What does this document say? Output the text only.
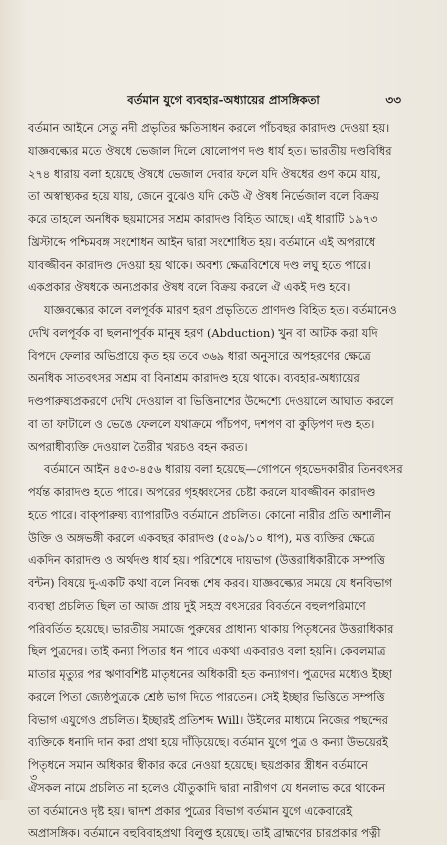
বর্তমান যুগে ব্যবহার-অধ্যায়ের প্রাসঙ্গিকতা	৩৩
বর্তমান আইনে সেতু নদী প্রভৃতির ক্ষতিসাধন করলে পাঁচবছর কারাদণ্ড দেওয়া হয়।
যাজ্ঞবল্ক্যের মতে ঔষধে ভেজাল দিলে ষোলোপণ দণ্ড ধার্য হত। ভারতীয় দণ্ডবিধির
২৭৪ ধারায় বলা হয়েছে ঔষধে ভেজাল দেবার ফলে যদি ঔষধের গুণ কমে যায়,
তা অস্বাস্থ্যকর হয়ে যায়, জেনে বুঝেও যদি কেউ ঐ ঔষধ নির্ভেজাল বলে বিক্রয়
করে তাহলে অনধিক ছয়মাসের সশ্রম কারাদণ্ড বিহিত আছে। এই ধারাটি ১৯৭৩
খ্রিস্টাব্দে পশ্চিমবঙ্গ সংশোধন আইন দ্বারা সংশোধিত হয়। বর্তমানে এই অপরাধে
যাবজ্জীবন কারাদণ্ড দেওয়া হয় থাকে। অবশ্য ক্ষেত্রবিশেষে দণ্ড লঘু হতে পারে।
একপ্রকার ঔষধকে অন্যপ্রকার ঔষধ বলে বিক্রয় করলে ঐ একই দণ্ড হবে।
যাজ্ঞবল্ক্যের কালে বলপূর্বক মারণ হরণ প্রভৃতিতে প্রাণদণ্ড বিহিত হত। বর্তমানেও
দেখি বলপূর্বক বা ছলনাপূর্বক মানুষ হরণ (Abduction) খুন বা আটক করা যদি
বিপদে ফেলার অভিপ্রায়ে কৃত হয় তবে ৩৬৯ ধারা অনুসারে অপহরণের ক্ষেত্রে
অনধিক সাতবৎসর সশ্রম বা বিনাশ্রম কারাদণ্ড হয়ে থাকে। ব্যবহার-অধ্যায়ের
দণ্ডপারুষ্যপ্রকরণে দেখি দেওয়াল বা ভিত্তিনাশের উদ্দেশ্যে দেওয়ালে আঘাত করলে
বা তা ফাটালে ও ভেঙে ফেললে যথাক্রমে পাঁচপণ, দশপণ বা কুড়িপণ দণ্ড হত।
অপরাধীব্যক্তি দেওয়াল তৈরীর খরচও বহন করত।
বর্তমানে আইন ৪৫৩-৪৫৬ ধারায় বলা হয়েছে—গোপনে গৃহভেদকারীর তিনবৎসর
পর্যন্ত কারাদণ্ড হতে পারে। অপরের গৃহধ্বংসের চেষ্টা করলে যাবজ্জীবন কারাদণ্ড
হতে পারে। বাক্‌পারুষ্য ব্যাপারটিও বর্তমানে প্রচলিত। কোনো নারীর প্রতি অশালীন
উক্তি ও অঙ্গভঙ্গী করলে একবছর কারাদণ্ড (৫০৯/১০ ধাপ), মত্ত ব্যক্তির ক্ষেত্রে
একদিন কারাদণ্ড ও অর্থদণ্ড ধার্য হয়। পরিশেষে দায়ভাগ (উত্তরাধিকারীকে সম্পত্তি
বন্টন) বিষয়ে দু-একটি কথা বলে নিবন্ধ শেষ করব। যাজ্ঞবল্ক্যের সময়ে যে ধনবিভাগ
ব্যবস্থা প্রচলিত ছিল তা আজ প্রায় দুই সহস্র বৎসরের বিবর্তনে বহুলপরিমাণে
পরিবর্তিত হয়েছে। ভারতীয় সমাজে পুরুষের প্রাধান্য থাকায় পিতৃধনের উত্তরাধিকার
ছিল পুত্রদের। তাই কন্যা পিতার ধন পাবে একথা একবারও বলা হয়নি। কেবলমাত্র
মাতার মৃত্যুর পর ঋণাবশিষ্ট মাতৃধনের অধিকারী হত কন্যাগণ। পুত্রদের মধ্যেও ইচ্ছা
করলে পিতা জ্যেষ্ঠপুত্রকে শ্রেষ্ঠ ভাগ দিতে পারতেন। সেই ইচ্ছার ভিত্তিতে সম্পত্তি
বিভাগ এযুগেও প্রচলিত। ইচ্ছারই প্রতিশব্দ Will। উইলের মাধ্যমে নিজের পছন্দের
ব্যক্তিকে ধনাদি দান করা প্রথা হয়ে দাঁড়িয়েছে। বর্তমান যুগে পুত্র ও কন্যা উভয়েরই
পিতৃধনে সমান অধিকার স্বীকার করে নেওয়া হয়েছে। ছয়প্রকার স্ত্রীধন বর্তমানে
ঐসকল নামে প্রচলিত না হলেও যৌতুকাদি দ্বারা নারীগণ যে ধনলাভ করে থাকেন
তা বর্তমানেও দৃষ্ট হয়। দ্বাদশ প্রকার পুত্রের বিভাগ বর্তমান যুগে একেবারেই
অপ্রাসঙ্গিক। বর্তমানে বহুবিবাহপ্রথা বিলুপ্ত হয়েছে। তাই ব্রাহ্মণের চারপ্রকার পত্নী
৩
